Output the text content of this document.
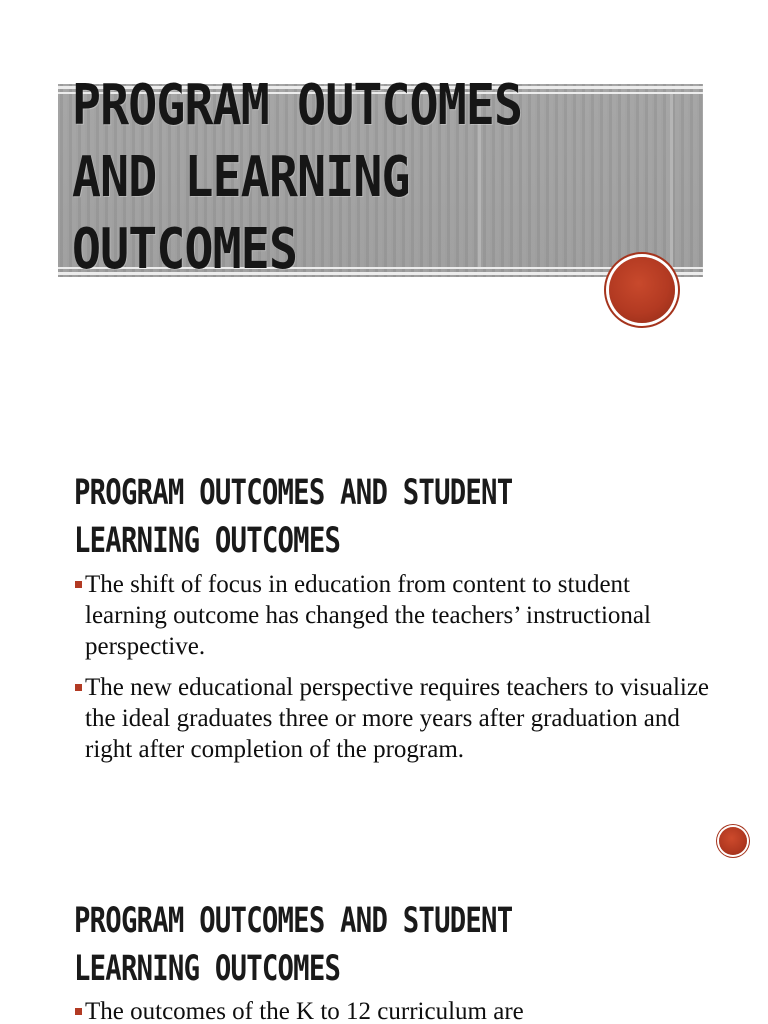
PROGRAM OUTCOMES
AND LEARNING
OUTCOMES
PROGRAM OUTCOMES AND STUDENT
LEARNING OUTCOMES
The shift of focus in education from content to student learning outcome has changed the teachers’ instructional perspective.
The new educational perspective requires teachers to visualize the ideal graduates three or more years after graduation and right after completion of the program.
PROGRAM OUTCOMES AND STUDENT
LEARNING OUTCOMES
The outcomes of the K to 12 curriculum are
